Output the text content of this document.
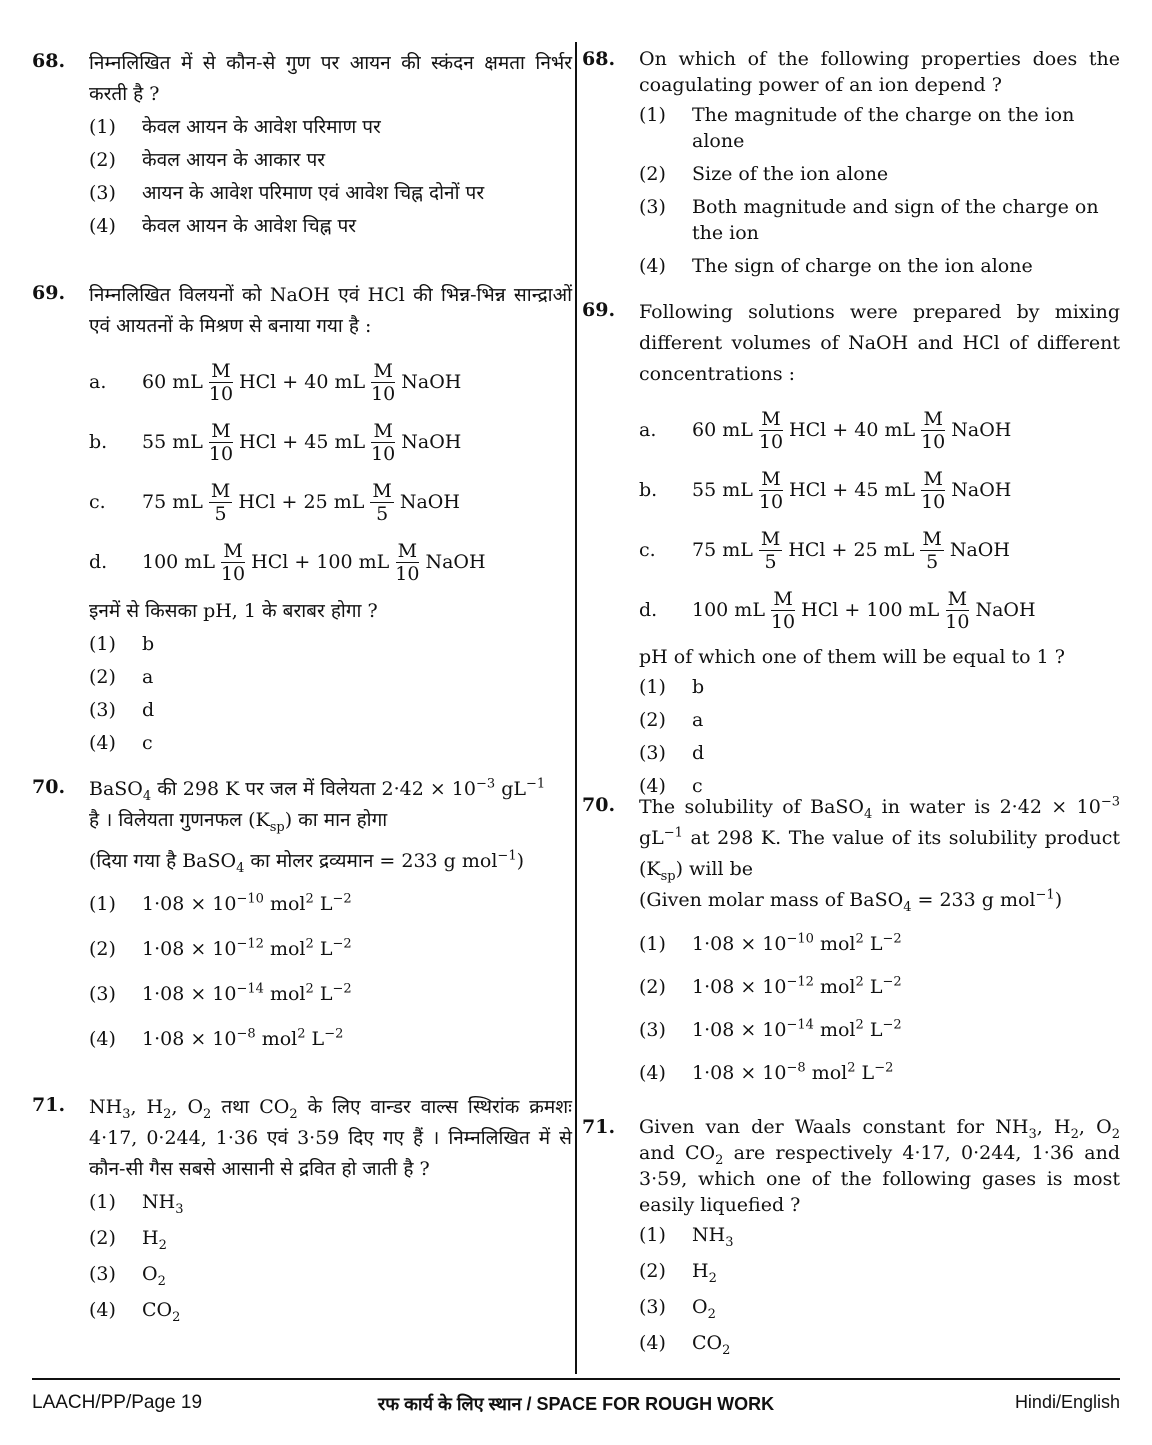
68. निम्नलिखित में से कौन-से गुण पर आयन की स्कंदन क्षमता निर्भर करती है ?
(1)	केवल आयन के आवेश परिमाण पर
(2)	केवल आयन के आकार पर
(3)	आयन के आवेश परिमाण एवं आवेश चिह्न दोनों पर
(4)	केवल आयन के आवेश चिह्न पर
69. निम्नलिखित विलयनों को NaOH एवं HCl की भिन्न-भिन्न सान्द्राओं एवं आयतनों के मिश्रण से बनाया गया है :
a.	60 mL $\frac{M}{10}$ HCl + 40 mL $\frac{M}{10}$ NaOH
b.	55 mL $\frac{M}{10}$ HCl + 45 mL $\frac{M}{10}$ NaOH
c.	75 mL $\frac{M}{5}$ HCl + 25 mL $\frac{M}{5}$ NaOH
d.	100 mL $\frac{M}{10}$ HCl + 100 mL $\frac{M}{10}$ NaOH
इनमें से किसका pH, 1 के बराबर होगा ?
(1)	b
(2)	a
(3)	d
(4)	c
70. BaSO$_4$ की 298 K पर जल में विलेयता $2\cdot 42 \times 10^{-3}$ $gL^{-1}$
है । विलेयता गुणनफल $(K_{sp})$ का मान होगा
(दिया गया है BaSO$_4$ का मोलर द्रव्यमान = 233 g mol$^{-1}$)
(1)	$1\cdot 08 \times 10^{-10}$ mol$^2$ $L^{-2}$
(2)	$1\cdot 08 \times 10^{-12}$ mol$^2$ $L^{-2}$
(3)	$1\cdot 08 \times 10^{-14}$ mol$^2$ $L^{-2}$
(4)	$1\cdot 08 \times 10^{-8}$ mol$^2$ $L^{-2}$
71. $NH_3$, $H_2$, $O_2$ तथा $CO_2$ के लिए वान्डर वाल्स स्थिरांक क्रमशः 4·17, 0·244, 1·36 एवं 3·59 दिए गए हैं । निम्नलिखित में से कौन-सी गैस सबसे आसानी से द्रवित हो जाती है ?
(1)	$NH_3$
(2)	$H_2$
(3)	$O_2$
(4)	$CO_2$
68. On which of the following properties does the coagulating power of an ion depend ?
(1)	The magnitude of the charge on the ion alone
(2)	Size of the ion alone
(3)	Both magnitude and sign of the charge on the ion
(4)	The sign of charge on the ion alone
69. Following solutions were prepared by mixing different volumes of NaOH and HCl of different concentrations :
a.	60 mL $\frac{M}{10}$ HCl + 40 mL $\frac{M}{10}$ NaOH
b.	55 mL $\frac{M}{10}$ HCl + 45 mL $\frac{M}{10}$ NaOH
c.	75 mL $\frac{M}{5}$ HCl + 25 mL $\frac{M}{5}$ NaOH
d.	100 mL $\frac{M}{10}$ HCl + 100 mL $\frac{M}{10}$ NaOH
pH of which one of them will be equal to 1 ?
(1)	b
(2)	a
(3)	d
(4)	c
70. The solubility of BaSO$_4$ in water is $2\cdot 42 \times 10^{-3}$ $gL^{-1}$ at 298 K. The value of its solubility product $(K_{sp})$ will be
(Given molar mass of BaSO$_4$ = 233 g mol$^{-1}$)
(1)	$1\cdot 08 \times 10^{-10}$ mol$^2$ $L^{-2}$
(2)	$1\cdot 08 \times 10^{-12}$ mol$^2$ $L^{-2}$
(3)	$1\cdot 08 \times 10^{-14}$ mol$^2$ $L^{-2}$
(4)	$1\cdot 08 \times 10^{-8}$ mol$^2$ $L^{-2}$
71. Given van der Waals constant for $NH_3$, $H_2$, $O_2$ and $CO_2$ are respectively 4·17, 0·244, 1·36 and 3·59, which one of the following gases is most easily liquefied ?
(1)	$NH_3$
(2)	$H_2$
(3)	$O_2$
(4)	$CO_2$
LAACH/PP/Page 19	रफ कार्य के लिए स्थान / SPACE FOR ROUGH WORK	Hindi/English
